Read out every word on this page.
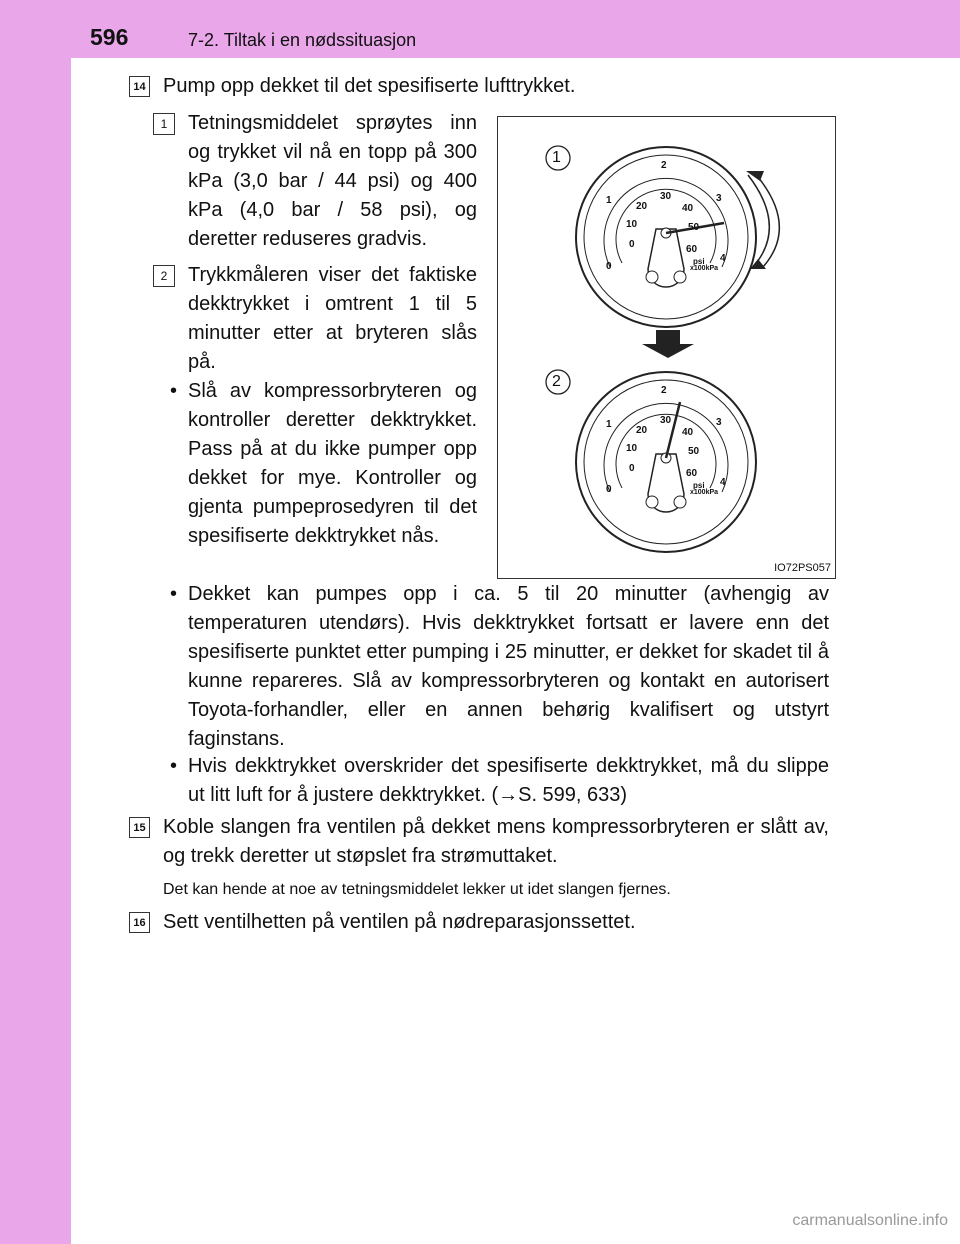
596	7-2. Tiltak i en nødssituasjon
14 Pump opp dekket til det spesifiserte lufttrykket.
1	Tetningsmiddelet sprøytes inn og trykket vil nå en topp på 300 kPa (3,0 bar / 44 psi) og 400 kPa (4,0 bar / 58 psi), og deretter reduseres gradvis.
2	Trykkmåleren viser det faktiske dekktrykket i omtrent 1 til 5 minutter etter at bryteren slås på.
• Slå av kompressorbryteren og kontroller deretter dekktrykket. Pass på at du ikke pumper opp dekket for mye. Kontroller og gjenta pumpeprosedyren til det spesifiserte dekktrykket nås.
• Dekket kan pumpes opp i ca. 5 til 20 minutter (avhengig av temperaturen utendørs). Hvis dekktrykket fortsatt er lavere enn det spesifiserte punktet etter pumping i 25 minutter, er dekket for skadet til å kunne repareres. Slå av kompressorbryteren og kontakt en autorisert Toyota-forhandler, eller en annen behørig kvalifisert og utstyrt faginstans.
• Hvis dekktrykket overskrider det spesifiserte dekktrykket, må du slippe ut litt luft for å justere dekktrykket. (→S. 599, 633)
15 Koble slangen fra ventilen på dekket mens kompressorbryteren er slått av, og trekk deretter ut støpslet fra strømuttaket.
Det kan hende at noe av tetningsmiddelet lekker ut idet slangen fjernes.
16 Sett ventilhetten på ventilen på nødreparasjonssettet.
1
2
0
1
2
3
4
0
10
20
30
40
50
60
psi
x100kPa
0
1
2
3
4
0
10
20
30
40
50
60
psi
x100kPa
IO72PS057
carmanualsonline.info
